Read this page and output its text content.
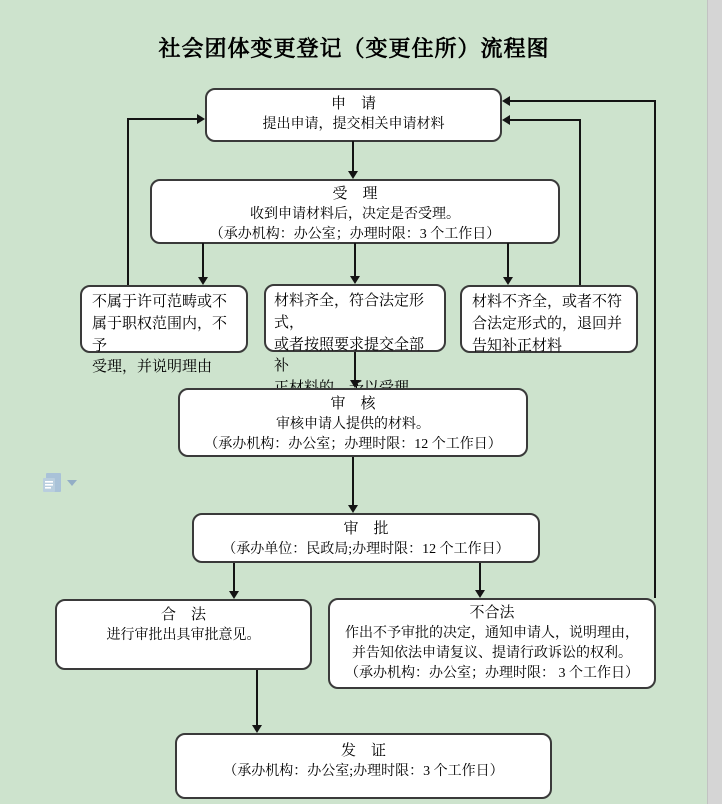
社会团体变更登记（变更住所）流程图
申　请
提出申请，提交相关申请材料
受　理
收到申请材料后，决定是否受理。
（承办机构：办公室；办理时限：3 个工作日）
不属于许可范畴或不
属于职权范围内，不予
受理，并说明理由
材料齐全，符合法定形式，
或者按照要求提交全部补
材料不齐全，或者不符
合法定形式的，退回并
告知补正材料
审　核
审核申请人提供的材料。
（承办机构：办公室；办理时限：12 个工作日）
审　批
（承办单位：民政局;办理时限：12 个工作日）
合　法
进行审批出具审批意见。
不合法
作出不予审批的决定，通知申请人，说明理由，
并告知依法申请复议、提请行政诉讼的权利。
（承办机构：办公室；办理时限： 3 个工作日）
发　证
（承办机构：办公室;办理时限：3 个工作日）
